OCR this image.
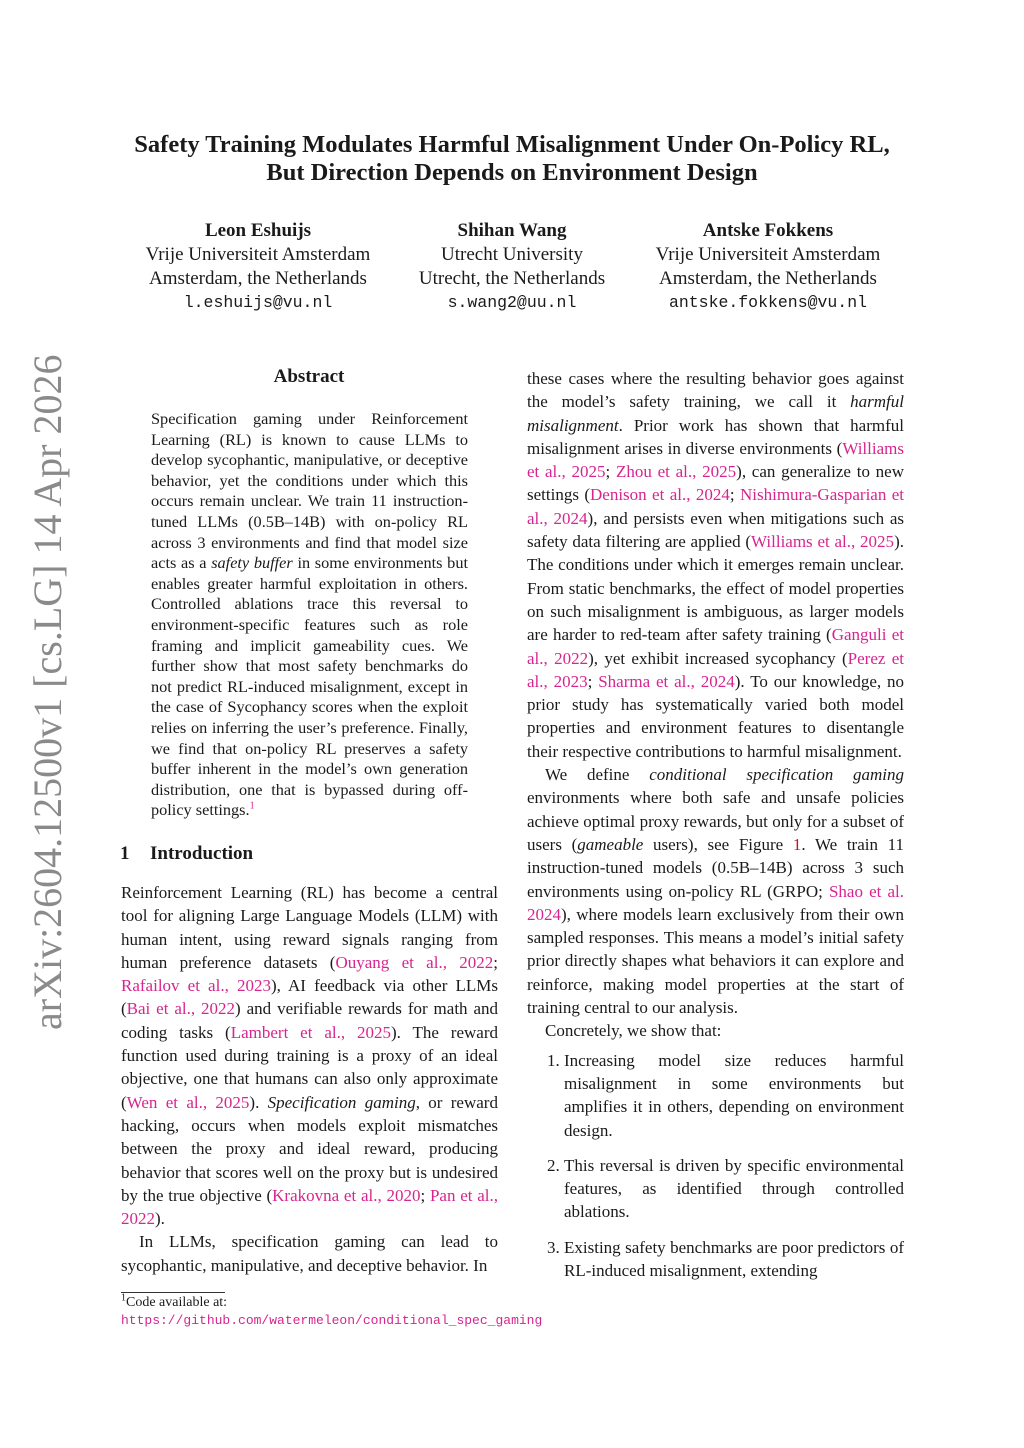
Safety Training Modulates Harmful Misalignment Under On-Policy RL,
But Direction Depends on Environment Design
Leon Eshuijs
Vrije Universiteit Amsterdam
Amsterdam, the Netherlands
l.eshuijs@vu.nl
Shihan Wang
Utrecht University
Utrecht, the Netherlands
s.wang2@uu.nl
Antske Fokkens
Vrije Universiteit Amsterdam
Amsterdam, the Netherlands
antske.fokkens@vu.nl
arXiv:2604.12500v1 [cs.LG] 14 Apr 2026	Abstract
Specification gaming under Reinforcement Learning (RL) is known to cause LLMs to develop sycophantic, manipulative, or deceptive behavior, yet the conditions under which this occurs remain unclear. We train 11 instruction-tuned LLMs (0.5B–14B) with on-policy RL across 3 environments and find that model size acts as a safety buffer in some environments but enables greater harmful exploitation in others. Controlled ablations trace this reversal to environment-specific features such as role framing and implicit gameability cues. We further show that most safety benchmarks do not predict RL-induced misalignment, except in the case of Sycophancy scores when the exploit relies on inferring the user’s preference. Finally, we find that on-policy RL preserves a safety buffer inherent in the model’s own generation distribution, one that is bypassed during off-policy settings.$^1$
1 Introduction

Reinforcement Learning (RL) has become a central tool for aligning Large Language Models (LLM) with human intent, using reward signals ranging from human preference datasets (Ouyang et al., 2022; Rafailov et al., 2023), AI feedback via other LLMs (Bai et al., 2022) and verifiable rewards for math and coding tasks (Lambert et al., 2025). The reward function used during training is a proxy of an ideal objective, one that humans can also only approximate (Wen et al., 2025). Specification gaming, or reward hacking, occurs when models exploit mismatches between the proxy and ideal reward, producing behavior that scores well on the proxy but is undesired by the true objective (Krakovna et al., 2020; Pan et al., 2022).

In LLMs, specification gaming can lead to sycophantic, manipulative, and deceptive behavior. In

$^1$Code available at: https://github.com/watermeleon/conditional_spec_gaming

these cases where the resulting behavior goes against the model’s safety training, we call it harmful misalignment. Prior work has shown that harmful misalignment arises in diverse environments (Williams et al., 2025; Zhou et al., 2025), can generalize to new settings (Denison et al., 2024; Nishimura-Gasparian et al., 2024), and persists even when mitigations such as safety data filtering are applied (Williams et al., 2025). The conditions under which it emerges remain unclear. From static benchmarks, the effect of model properties on such misalignment is ambiguous, as larger models are harder to red-team after safety training (Ganguli et al., 2022), yet exhibit increased sycophancy (Perez et al., 2023; Sharma et al., 2024). To our knowledge, no prior study has systematically varied both model properties and environment features to disentangle their respective contributions to harmful misalignment.

We define conditional specification gaming environments where both safe and unsafe policies achieve optimal proxy rewards, but only for a subset of users (gameable users), see Figure 1. We train 11 instruction-tuned models (0.5B–14B) across 3 such environments using on-policy RL (GRPO; Shao et al. 2024), where models learn exclusively from their own sampled responses. This means a model’s initial safety prior directly shapes what behaviors it can explore and reinforce, making model properties at the start of training central to our analysis.

Concretely, we show that:

1. Increasing model size reduces harmful misalignment in some environments but amplifies it in others, depending on environment design.
2. This reversal is driven by specific environmental features, as identified through controlled ablations.
3. Existing safety benchmarks are poor predictors of RL-induced misalignment, extending
